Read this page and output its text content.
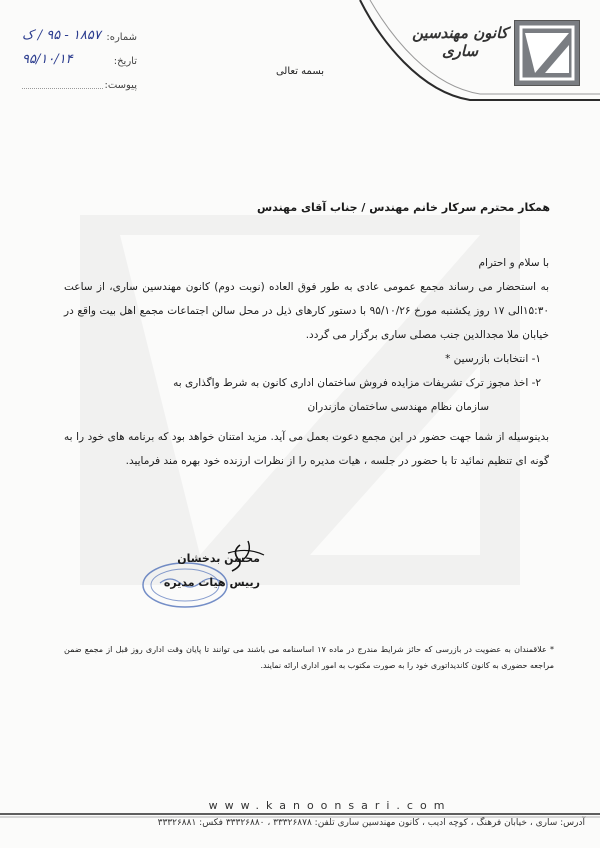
کانون مهندسین ساری
شماره:
۱۸۵۷ - ۹۵ / ک
تاریخ:
۹۵/۱۰/۱۴
پیوست:
بسمه تعالی
همکار محترم سرکار خانم مهندس / جناب آقای مهندس

با سلام و احترام

به استحضار می رساند مجمع عمومی عادی به طور فوق العاده (نوبت دوم) کانون مهندسین ساری، از ساعت ۱۵:۳۰الی ۱۷ روز یکشنبه مورخ ۹۵/۱۰/۲۶ با دستور کارهای ذیل در محل سالن اجتماعات مجمع اهل بیت واقع در خیابان ملا مجدالدین جنب مصلی ساری برگزار می گردد.

۱- انتخابات بازرسین *

۲- اخذ مجوز ترک تشریفات مزایده فروش ساختمان اداری کانون به شرط واگذاری به

سازمان نظام مهندسی ساختمان مازندران

بدینوسیله از شما جهت حضور در این مجمع دعوت بعمل می آید. مزید امتنان خواهد بود که برنامه های خود را به گونه ای تنظیم نمائید تا با حضور در جلسه ، هیات مدیره را از نظرات ارزنده خود بهره مند فرمایید.

محسن بدخشان
رییس هیات مدیره
* علاقمندان به عضویت در بازرسی که حائز شرایط مندرج در ماده ۱۷ اساسنامه می باشند می توانند تا پایان وقت اداری روز قبل از مجمع ضمن مراجعه حضوری به کانون کاندیداتوری خود را به صورت مکتوب به امور اداری ارائه نمایند.
www.kanoonsari.com
آدرس: ساری ، خیابان فرهنگ ، کوچه ادیب ، کانون مهندسین ساری تلفن: ۳۳۳۲۶۸۷۸ ، ۳۳۳۲۶۸۸۰ فکس: ۳۳۳۲۶۸۸۱
